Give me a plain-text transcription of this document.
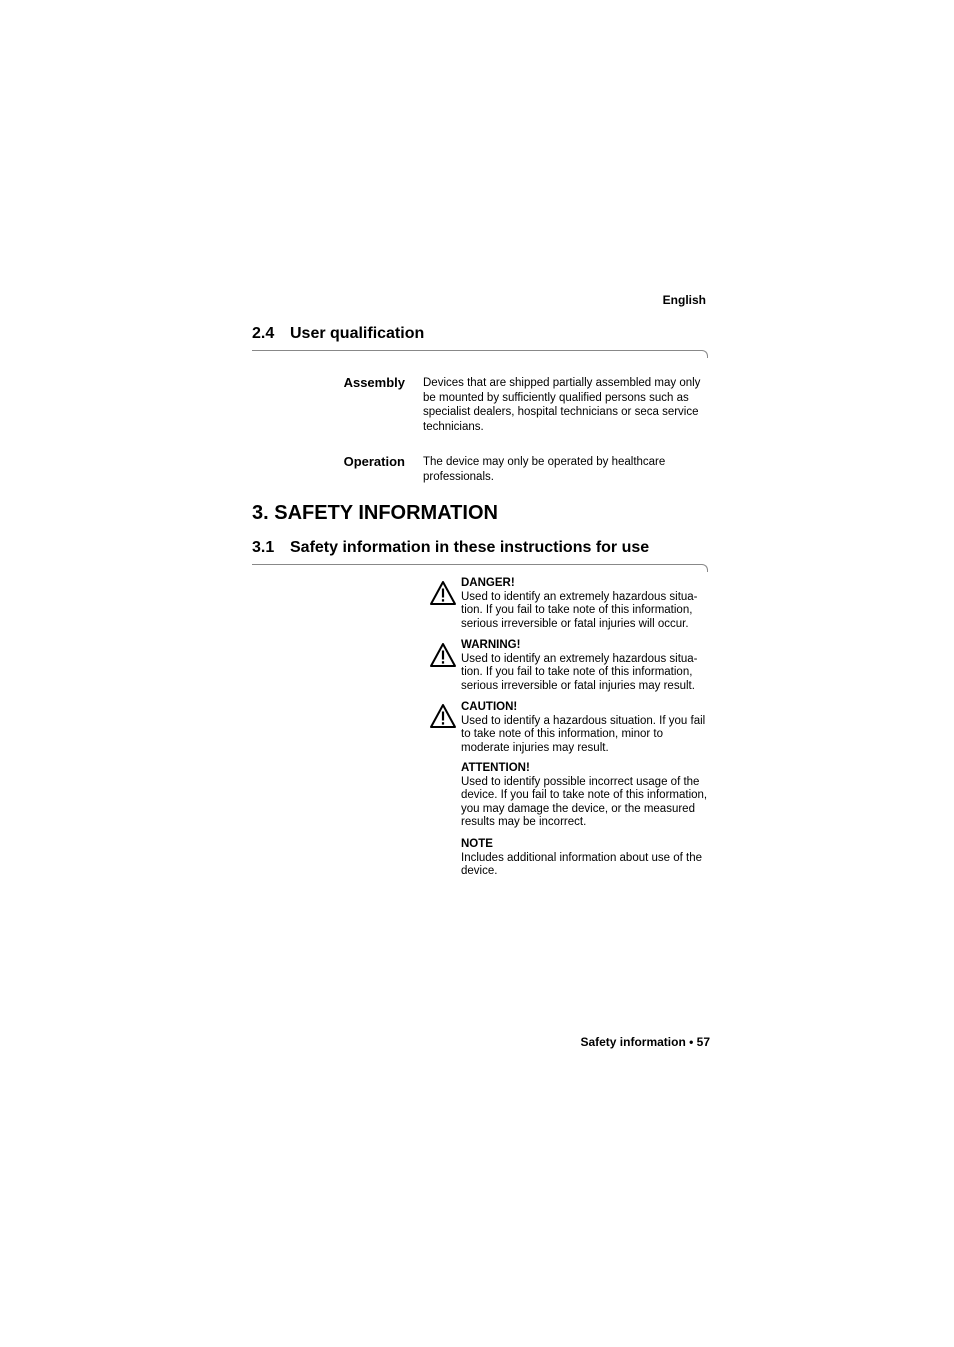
English
2.4 User qualification
Assembly Devices that are shipped partially assembled may only be mounted by sufficiently qualified persons such as specialist dealers, hospital technicians or seca service technicians.
Operation The device may only be operated by healthcare professionals.
3. SAFETY INFORMATION
3.1 Safety information in these instructions for use
DANGER!
Used to identify an extremely hazardous situa-
tion. If you fail to take note of this information,
serious irreversible or fatal injuries will occur.
WARNING!
Used to identify an extremely hazardous situa-
tion. If you fail to take note of this information,
serious irreversible or fatal injuries may result.
CAUTION!
Used to identify a hazardous situation. If you fail
to take note of this information, minor to
moderate injuries may result.
ATTENTION!
Used to identify possible incorrect usage of the
device. If you fail to take note of this information,
you may damage the device, or the measured
results may be incorrect.
NOTE
Includes additional information about use of the
device.
Safety information • 57
